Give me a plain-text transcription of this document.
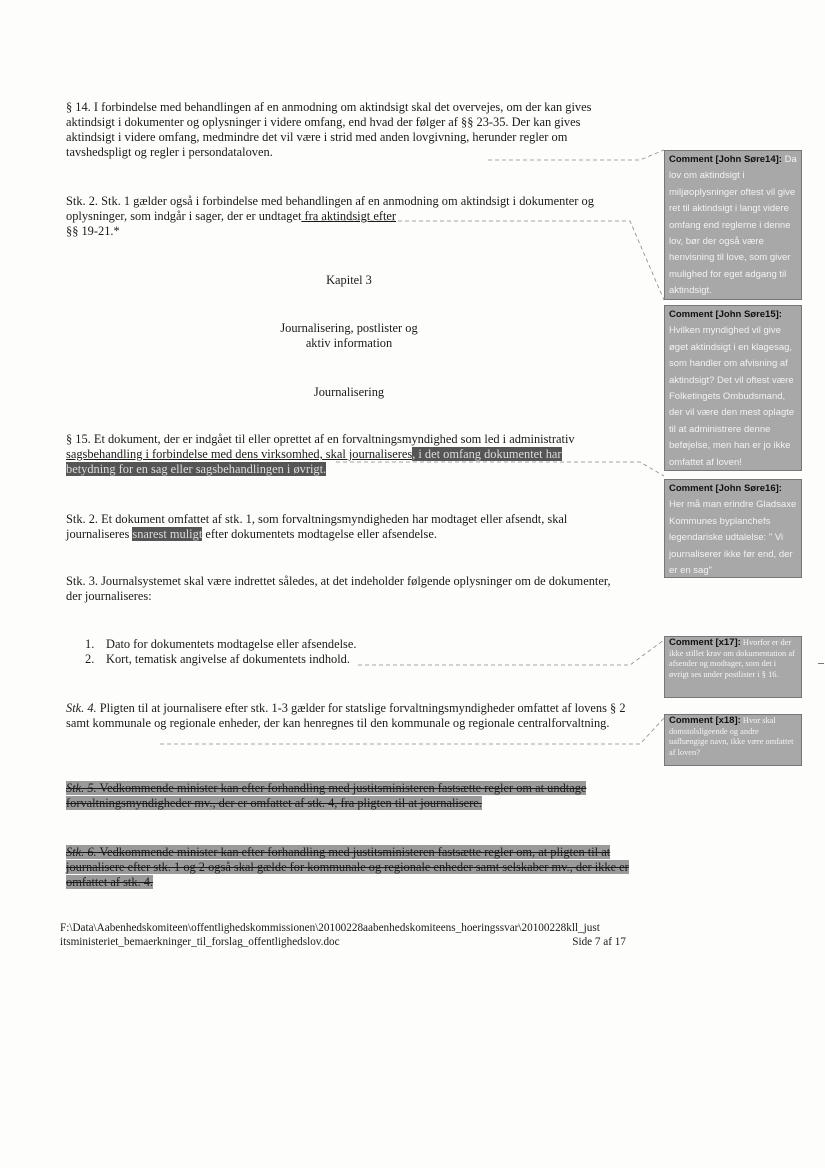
§ 14. I forbindelse med behandlingen af en anmodning om aktindsigt skal det overvejes, om der kan gives aktindsigt i dokumenter og oplysninger i videre omfang, end hvad der følger af §§ 23-35. Der kan gives aktindsigt i videre omfang, medmindre det vil være i strid med anden lovgivning, herunder regler om tavshedspligt og regler i persondataloven.
Stk. 2. Stk. 1 gælder også i forbindelse med behandlingen af en anmodning om aktindsigt i dokumenter og oplysninger, som indgår i sager, der er undtaget fra aktindsigt efter
§§ 19-21.*
Kapitel 3
Journalisering, postlister og
aktiv information
Journalisering
§ 15. Et dokument, der er indgået til eller oprettet af en forvaltningsmyndighed som led i administrativ
sagsbehandling i forbindelse med dens virksomhed, skal journaliseres, i det omfang dokumentet har
betydning for en sag eller sagsbehandlingen i øvrigt.
Stk. 2. Et dokument omfattet af stk. 1, som forvaltningsmyndigheden har modtaget eller afsendt, skal
journaliseres snarest muligt efter dokumentets modtagelse eller afsendelse.
Stk. 3. Journalsystemet skal være indrettet således, at det indeholder følgende oplysninger om de dokumenter, der journaliseres:
1. Dato for dokumentets modtagelse eller afsendelse.
2. Kort, tematisk angivelse af dokumentets indhold.
Stk. 4. Pligten til at journalisere efter stk. 1-3 gælder for statslige forvaltningsmyndigheder omfattet af lovens § 2 samt kommunale og regionale enheder, der kan henregnes til den kommunale og regionale centralforvaltning.
Stk. 5. Vedkommende minister kan efter forhandling med justitsministeren fastsætte regler om at undtage forvaltningsmyndigheder mv., der er omfattet af stk. 4, fra pligten til at journalisere.
Stk. 6. Vedkommende minister kan efter forhandling med justitsministeren fastsætte regler om, at pligten til at journalisere efter stk. 1 og 2 også skal gælde for kommunale og regionale enheder samt selskaber mv., der ikke er omfattet af stk. 4.
F:\Data\Aabenhedskomiteen\offentlighedskommissionen\20100228aabenhedskomiteens_hoeringssvar\20100228kll_just
itsministeriet_bemaerkninger_til_forslag_offentlighedslov.doc	Side 7 af 17
Comment [John Søre14]: Da lov om aktindsigt i miljøoplysninger oftest vil give ret til aktindsigt i langt videre omfang end reglerne i denne lov, bør der også være henvisning til love, som giver mulighed for eget adgang til aktindsigt.
Comment [John Søre15]: Hvilken myndighed vil give øget aktindsigt i en klagesag, som handler om afvisning af aktindsigt? Det vil oftest være Folketingets Ombudsmand, der vil være den mest oplagte til at administrere denne beføjelse, men han er jo ikke omfattet af loven!
Comment [John Søre16]: Her må man erindre Gladsaxe Kommunes byplanchefs legendariske udtalelse: " Vi journaliserer ikke før end, der er en sag"
Comment [x17]: Hvorfor er der ikke stillet krav om dokumentation af afsender og modtager, som det i øvrigt ses under postlister i § 16.
Comment [x18]: Hvor skal domstolsligeende og andre uafhængige navn, ikke være omfattet af loven?
